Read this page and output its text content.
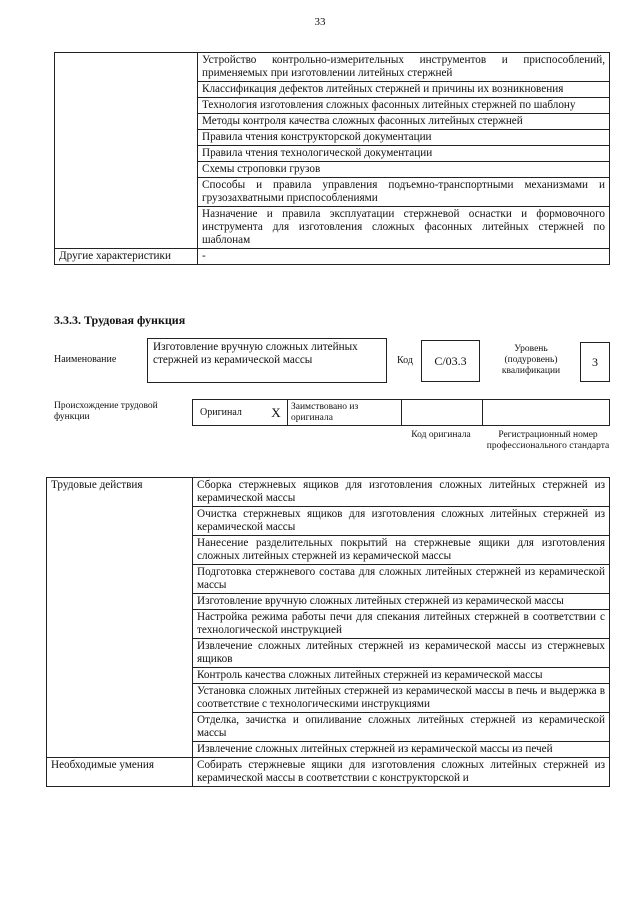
33
	Устройство контрольно-измерительных инструментов и приспособлений, применяемых при изготовлении литейных стержней
	Классификация дефектов литейных стержней и причины их возникновения
	Технология изготовления сложных фасонных литейных стержней по шаблону
	Методы контроля качества сложных фасонных литейных стержней
	Правила чтения конструкторской документации
	Правила чтения технологической документации
	Схемы строповки грузов
	Способы и правила управления подъемно-транспортными механизмами и грузозахватными приспособлениями
	Назначение и правила эксплуатации стержневой оснастки и формовочного инструмента для изготовления сложных фасонных литейных стержней по шаблонам
Другие характеристики	-
3.3.3. Трудовая функция
Наименование
Изготовление вручную сложных литейных стержней из керамической массы	Код	C/03.3
Уровень (подуровень) квалификации
3
Происхождение трудовой функции	Оригинал	X	Заимствовано из оригинала
Код оригинала	Регистрационный номер профессионального стандарта
Трудовые действия	Сборка стержневых ящиков для изготовления сложных литейных стержней из керамической массы
	Очистка стержневых ящиков для изготовления сложных литейных стержней из керамической массы
	Нанесение разделительных покрытий на стержневые ящики для изготовления сложных литейных стержней из керамической массы
	Подготовка стержневого состава для сложных литейных стержней из керамической массы
	Изготовление вручную сложных литейных стержней из керамической массы
	Настройка режима работы печи для спекания литейных стержней в соответствии с технологической инструкцией
	Извлечение сложных литейных стержней из керамической массы из стержневых ящиков
	Контроль качества сложных литейных стержней из керамической массы
	Установка сложных литейных стержней из керамической массы в печь и выдержка в соответствие с технологическими инструкциями
	Отделка, зачистка и опиливание сложных литейных стержней из керамической массы
	Извлечение сложных литейных стержней из керамической массы из печей
Необходимые умения	Собирать стержневые ящики для изготовления сложных литейных стержней из керамической массы в соответствии с конструкторской и
